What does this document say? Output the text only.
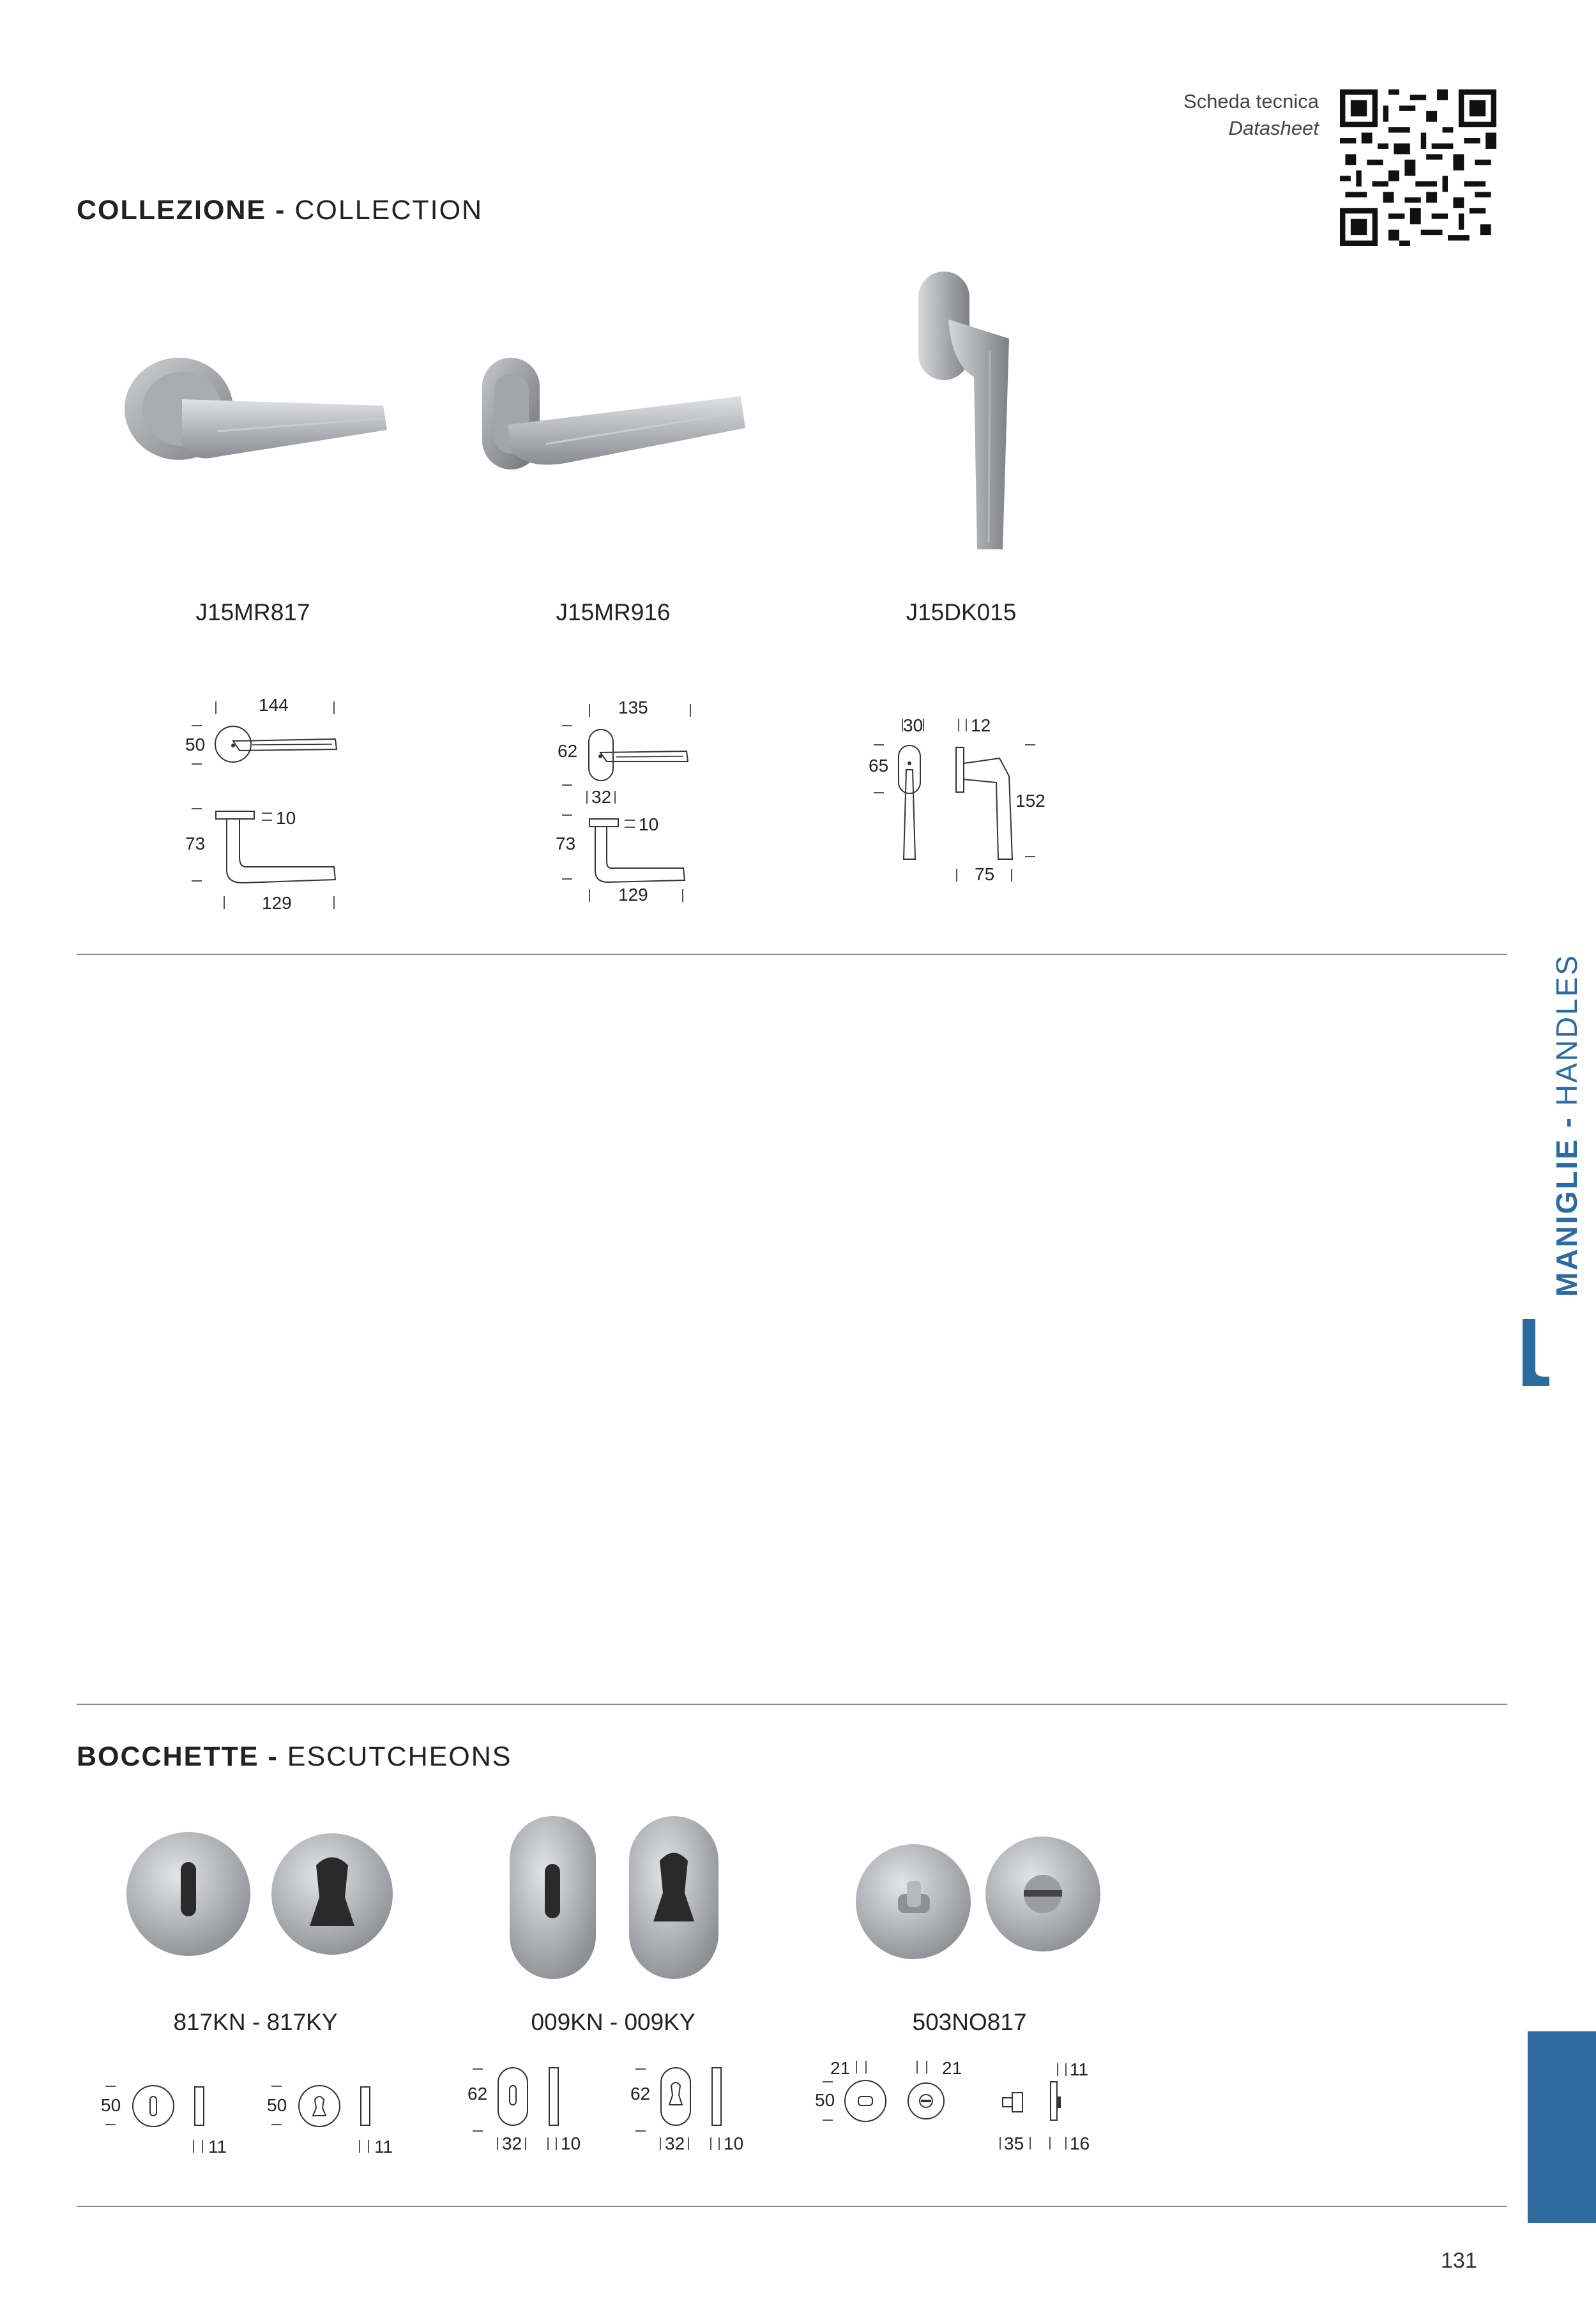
Scheda tecnica
Datasheet
COLLEZIONE - COLLECTION
J15MR817	J15MR916	J15DK015
144
50
10
73
129
135
62
32
10
73
129
30	12
65
152
75
MANIGLIE - HANDLES
BOCCHETTE - ESCUTCHEONS
817KN - 817KY	009KN - 009KY	503NO817
50
11
50
11
62
32 10
62
32 10
21	21
50
11
35	16
131
